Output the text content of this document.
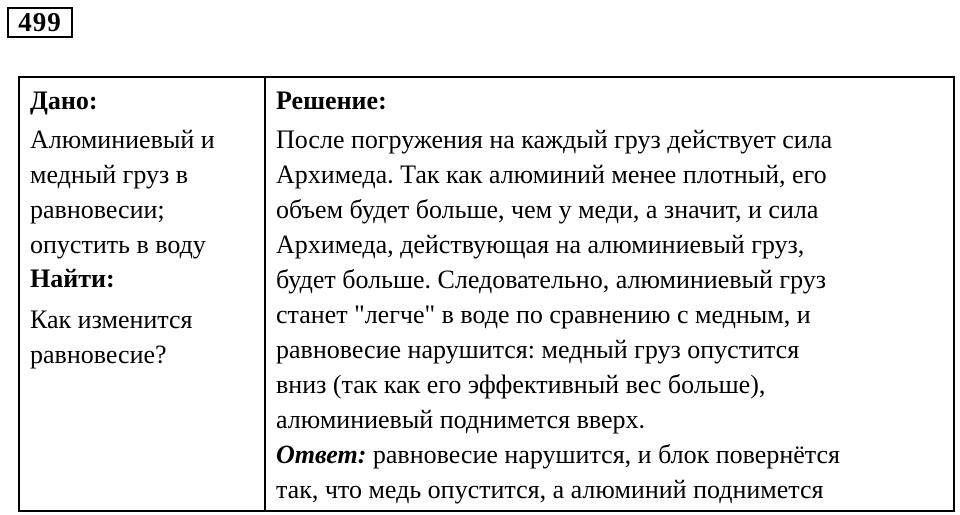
499
Дано:
Алюминиевый и
медный груз в
равновесии;
опустить в воду
Найти:
Как изменится
равновесие?
Решение:
После погружения на каждый груз действует сила
Архимеда. Так как алюминий менее плотный, его
объем будет больше, чем у меди, а значит, и сила
Архимеда, действующая на алюминиевый груз,
будет больше. Следовательно, алюминиевый груз
станет "легче" в воде по сравнению с медным, и
равновесие нарушится: медный груз опустится
вниз (так как его эффективный вес больше),
алюминиевый поднимется вверх.
Ответ: равновесие нарушится, и блок повернётся
так, что медь опустится, а алюминий поднимется
